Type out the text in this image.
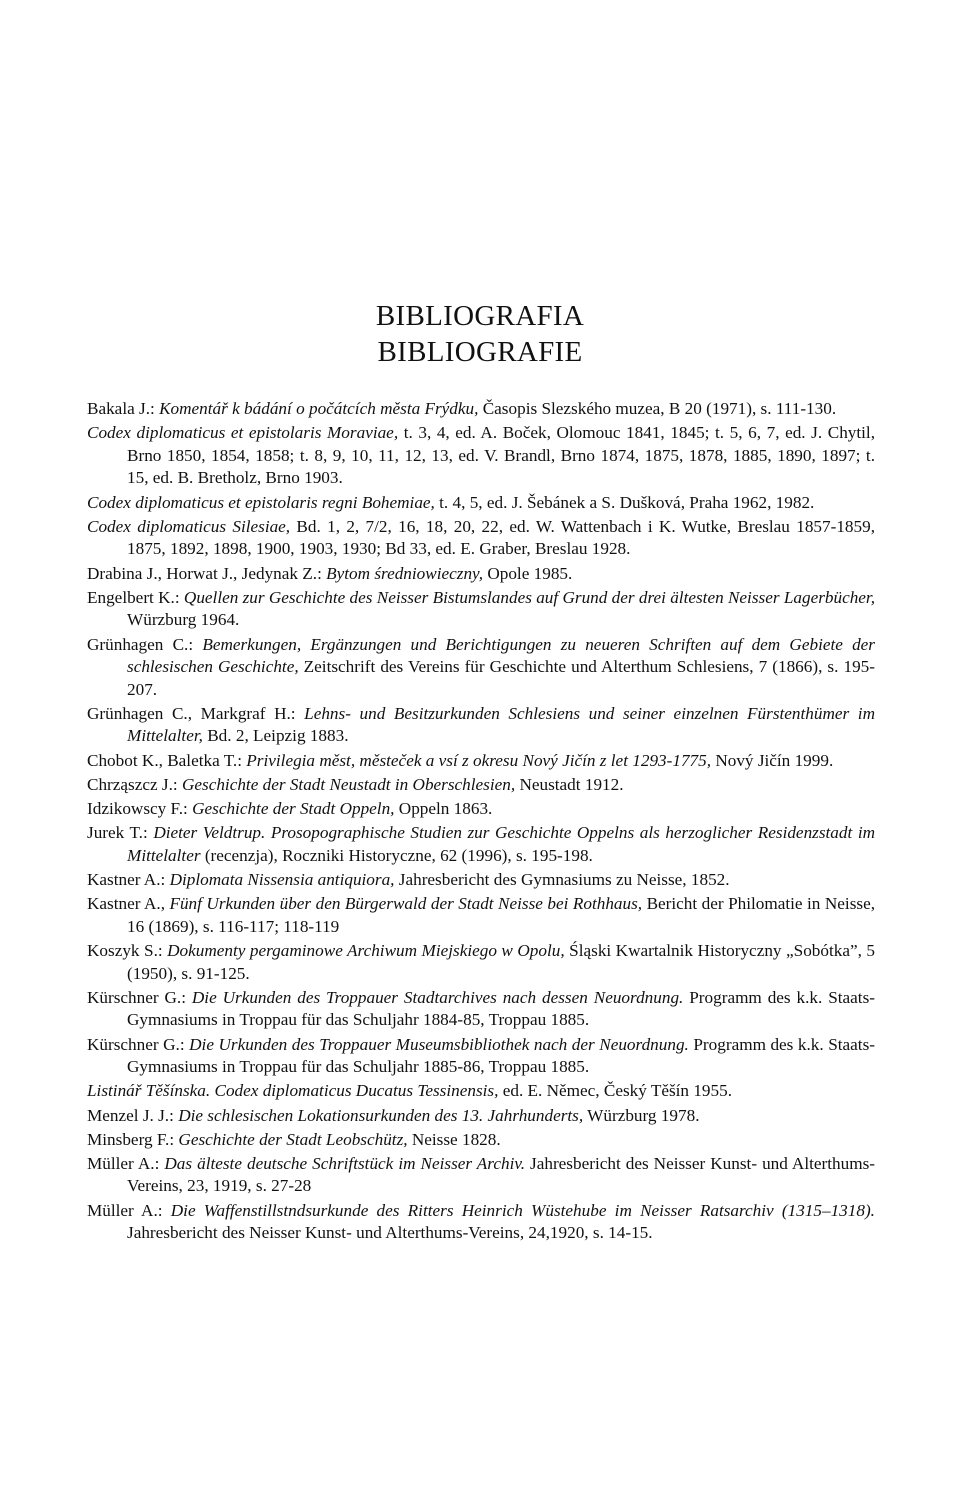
BIBLIOGRAFIA
BIBLIOGRAFIE

Bakala J.: Komentář k bádání o počátcích města Frýdku, Časopis Slezského muzea, B 20 (1971), s. 111-130.

Codex diplomaticus et epistolaris Moraviae, t. 3, 4, ed. A. Boček, Olomouc 1841, 1845; t. 5, 6, 7, ed. J. Chytil, Brno 1850, 1854, 1858; t. 8, 9, 10, 11, 12, 13, ed. V. Brandl, Brno 1874, 1875, 1878, 1885, 1890, 1897; t. 15, ed. B. Bretholz, Brno 1903.

Codex diplomaticus et epistolaris regni Bohemiae, t. 4, 5, ed. J. Šebánek a S. Dušková, Praha 1962, 1982.

Codex diplomaticus Silesiae, Bd. 1, 2, 7/2, 16, 18, 20, 22, ed. W. Wattenbach i K. Wutke, Breslau 1857-1859, 1875, 1892, 1898, 1900, 1903, 1930; Bd 33, ed. E. Graber, Breslau 1928.

Drabina J., Horwat J., Jedynak Z.: Bytom średniowieczny, Opole 1985.

Engelbert K.: Quellen zur Geschichte des Neisser Bistumslandes auf Grund der drei ältesten Neisser Lagerbücher, Würzburg 1964.

Grünhagen C.: Bemerkungen, Ergänzungen und Berichtigungen zu neueren Schriften auf dem Gebiete der schlesischen Geschichte, Zeitschrift des Vereins für Geschichte und Alterthum Schlesiens, 7 (1866), s. 195-207.

Grünhagen C., Markgraf H.: Lehns- und Besitzurkunden Schlesiens und seiner einzelnen Fürstenthümer im Mittelalter, Bd. 2, Leipzig 1883.

Chobot K., Baletka T.: Privilegia měst, městeček a vsí z okresu Nový Jičín z let 1293-1775, Nový Jičín 1999.

Chrząszcz J.: Geschichte der Stadt Neustadt in Oberschlesien, Neustadt 1912.

Idzikowscy F.: Geschichte der Stadt Oppeln, Oppeln 1863.

Jurek T.: Dieter Veldtrup. Prosopographische Studien zur Geschichte Oppelns als herzoglicher Residenzstadt im Mittelalter (recenzja), Roczniki Historyczne, 62 (1996), s. 195-198.

Kastner A.: Diplomata Nissensia antiquiora, Jahresbericht des Gymnasiums zu Neisse, 1852.

Kastner A., Fünf Urkunden über den Bürgerwald der Stadt Neisse bei Rothhaus, Bericht der Philomatie in Neisse, 16 (1869), s. 116-117; 118-119

Koszyk S.: Dokumenty pergaminowe Archiwum Miejskiego w Opolu, Śląski Kwartalnik Historyczny „Sobótka”, 5 (1950), s. 91-125.

Kürschner G.: Die Urkunden des Troppauer Stadtarchives nach dessen Neuordnung. Programm des k.k. Staats-Gymnasiums in Troppau für das Schuljahr 1884-85, Troppau 1885.

Kürschner G.: Die Urkunden des Troppauer Museumsbibliothek nach der Neuordnung. Programm des k.k. Staats-Gymnasiums in Troppau für das Schuljahr 1885-86, Troppau 1885.

Listinář Těšínska. Codex diplomaticus Ducatus Tessinensis, ed. E. Němec, Český Těšín 1955.

Menzel J. J.: Die schlesischen Lokationsurkunden des 13. Jahrhunderts, Würzburg 1978.

Minsberg F.: Geschichte der Stadt Leobschütz, Neisse 1828.

Müller A.: Das älteste deutsche Schriftstück im Neisser Archiv. Jahresbericht des Neisser Kunst- und Alterthums-Vereins, 23, 1919, s. 27-28

Müller A.: Die Waffenstillstndsurkunde des Ritters Heinrich Wüstehube im Neisser Ratsarchiv (1315–1318). Jahresbericht des Neisser Kunst- und Alterthums-Vereins, 24,1920, s. 14-15.
